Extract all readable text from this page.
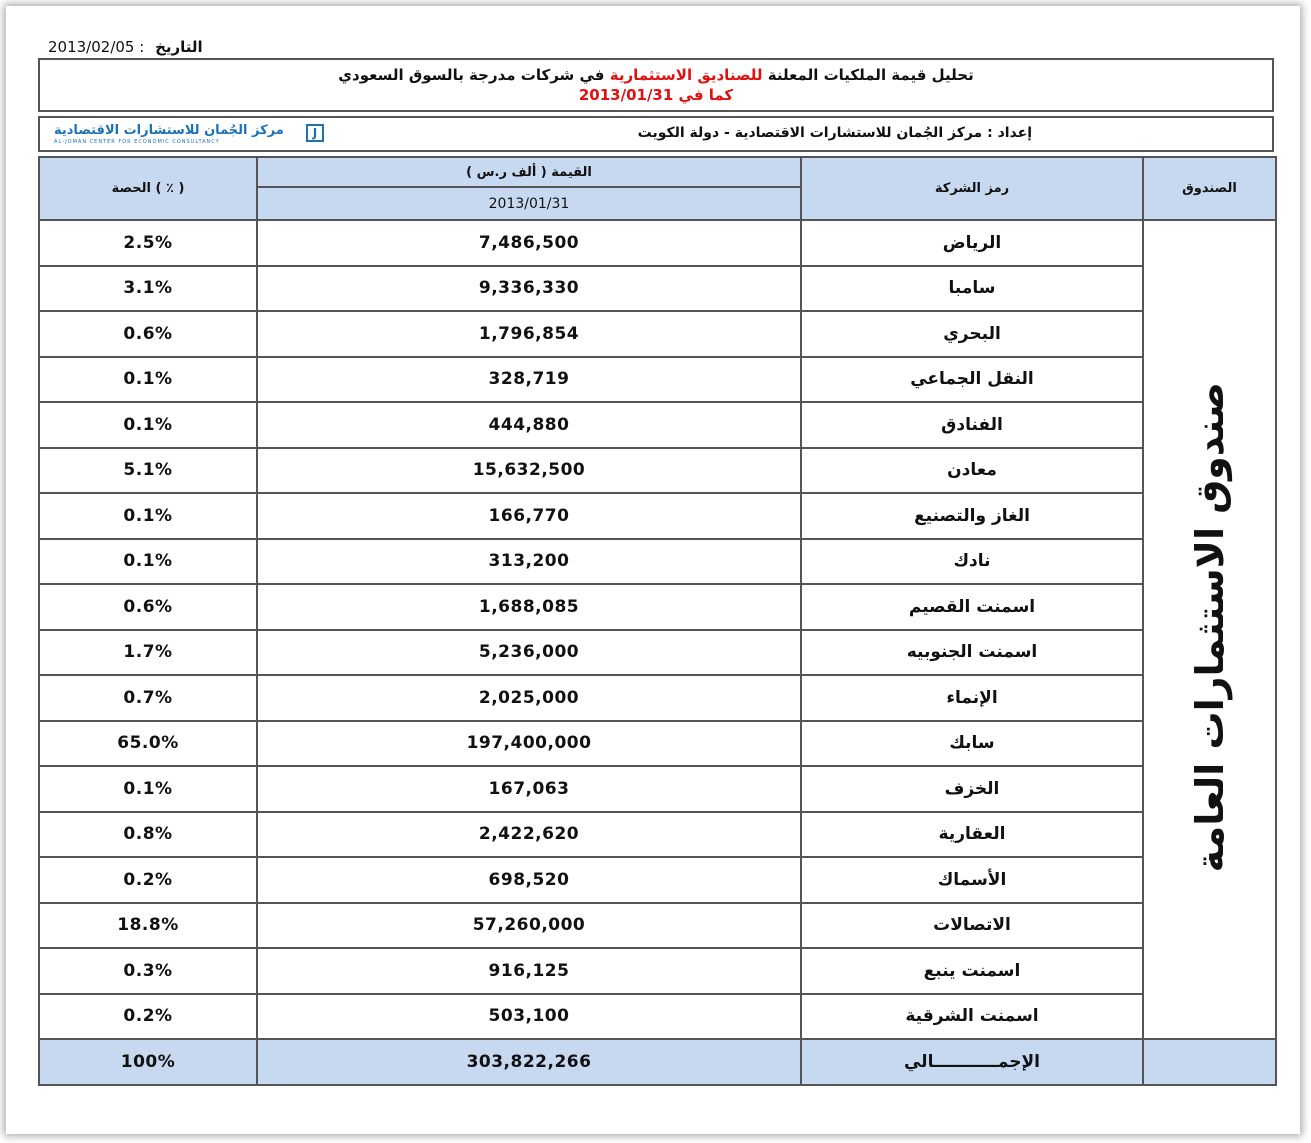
2013/02/05 : التاريخ
تحليل قيمة الملكيات المعلنة للصناديق الاستثمارية في شركات مدرجة بالسوق السعودي
كما في 2013/01/31
مركز الجُمان للاستشارات الاقتصادية
AL-JOMAN CENTER FOR ECONOMIC CONSULTANCY
J	إعداد : مركز الجُمان للاستشارات الاقتصادية - دولة الكويت
الحصة ( ٪ )	القيمة ( ألف ر.س )	رمز الشركة	الصندوق
	2013/01/31		
2.5%	7,486,500	الرياض	صندوق الاستثمارات العامة
3.1%	9,336,330	سامبا	
0.6%	1,796,854	البحري	
0.1%	328,719	النقل الجماعي	
0.1%	444,880	الفنادق	
5.1%	15,632,500	معادن	
0.1%	166,770	الغاز والتصنيع	
0.1%	313,200	نادك	
0.6%	1,688,085	اسمنت القصيم	
1.7%	5,236,000	اسمنت الجنوبيه	
0.7%	2,025,000	الإنماء	
65.0%	197,400,000	سابك	
0.1%	167,063	الخزف	
0.8%	2,422,620	العقارية	
0.2%	698,520	الأسماك	
18.8%	57,260,000	الاتصالات	
0.3%	916,125	اسمنت ينبع	
0.2%	503,100	اسمنت الشرقية	
100%	303,822,266	الإجمـــــــــــالي	
